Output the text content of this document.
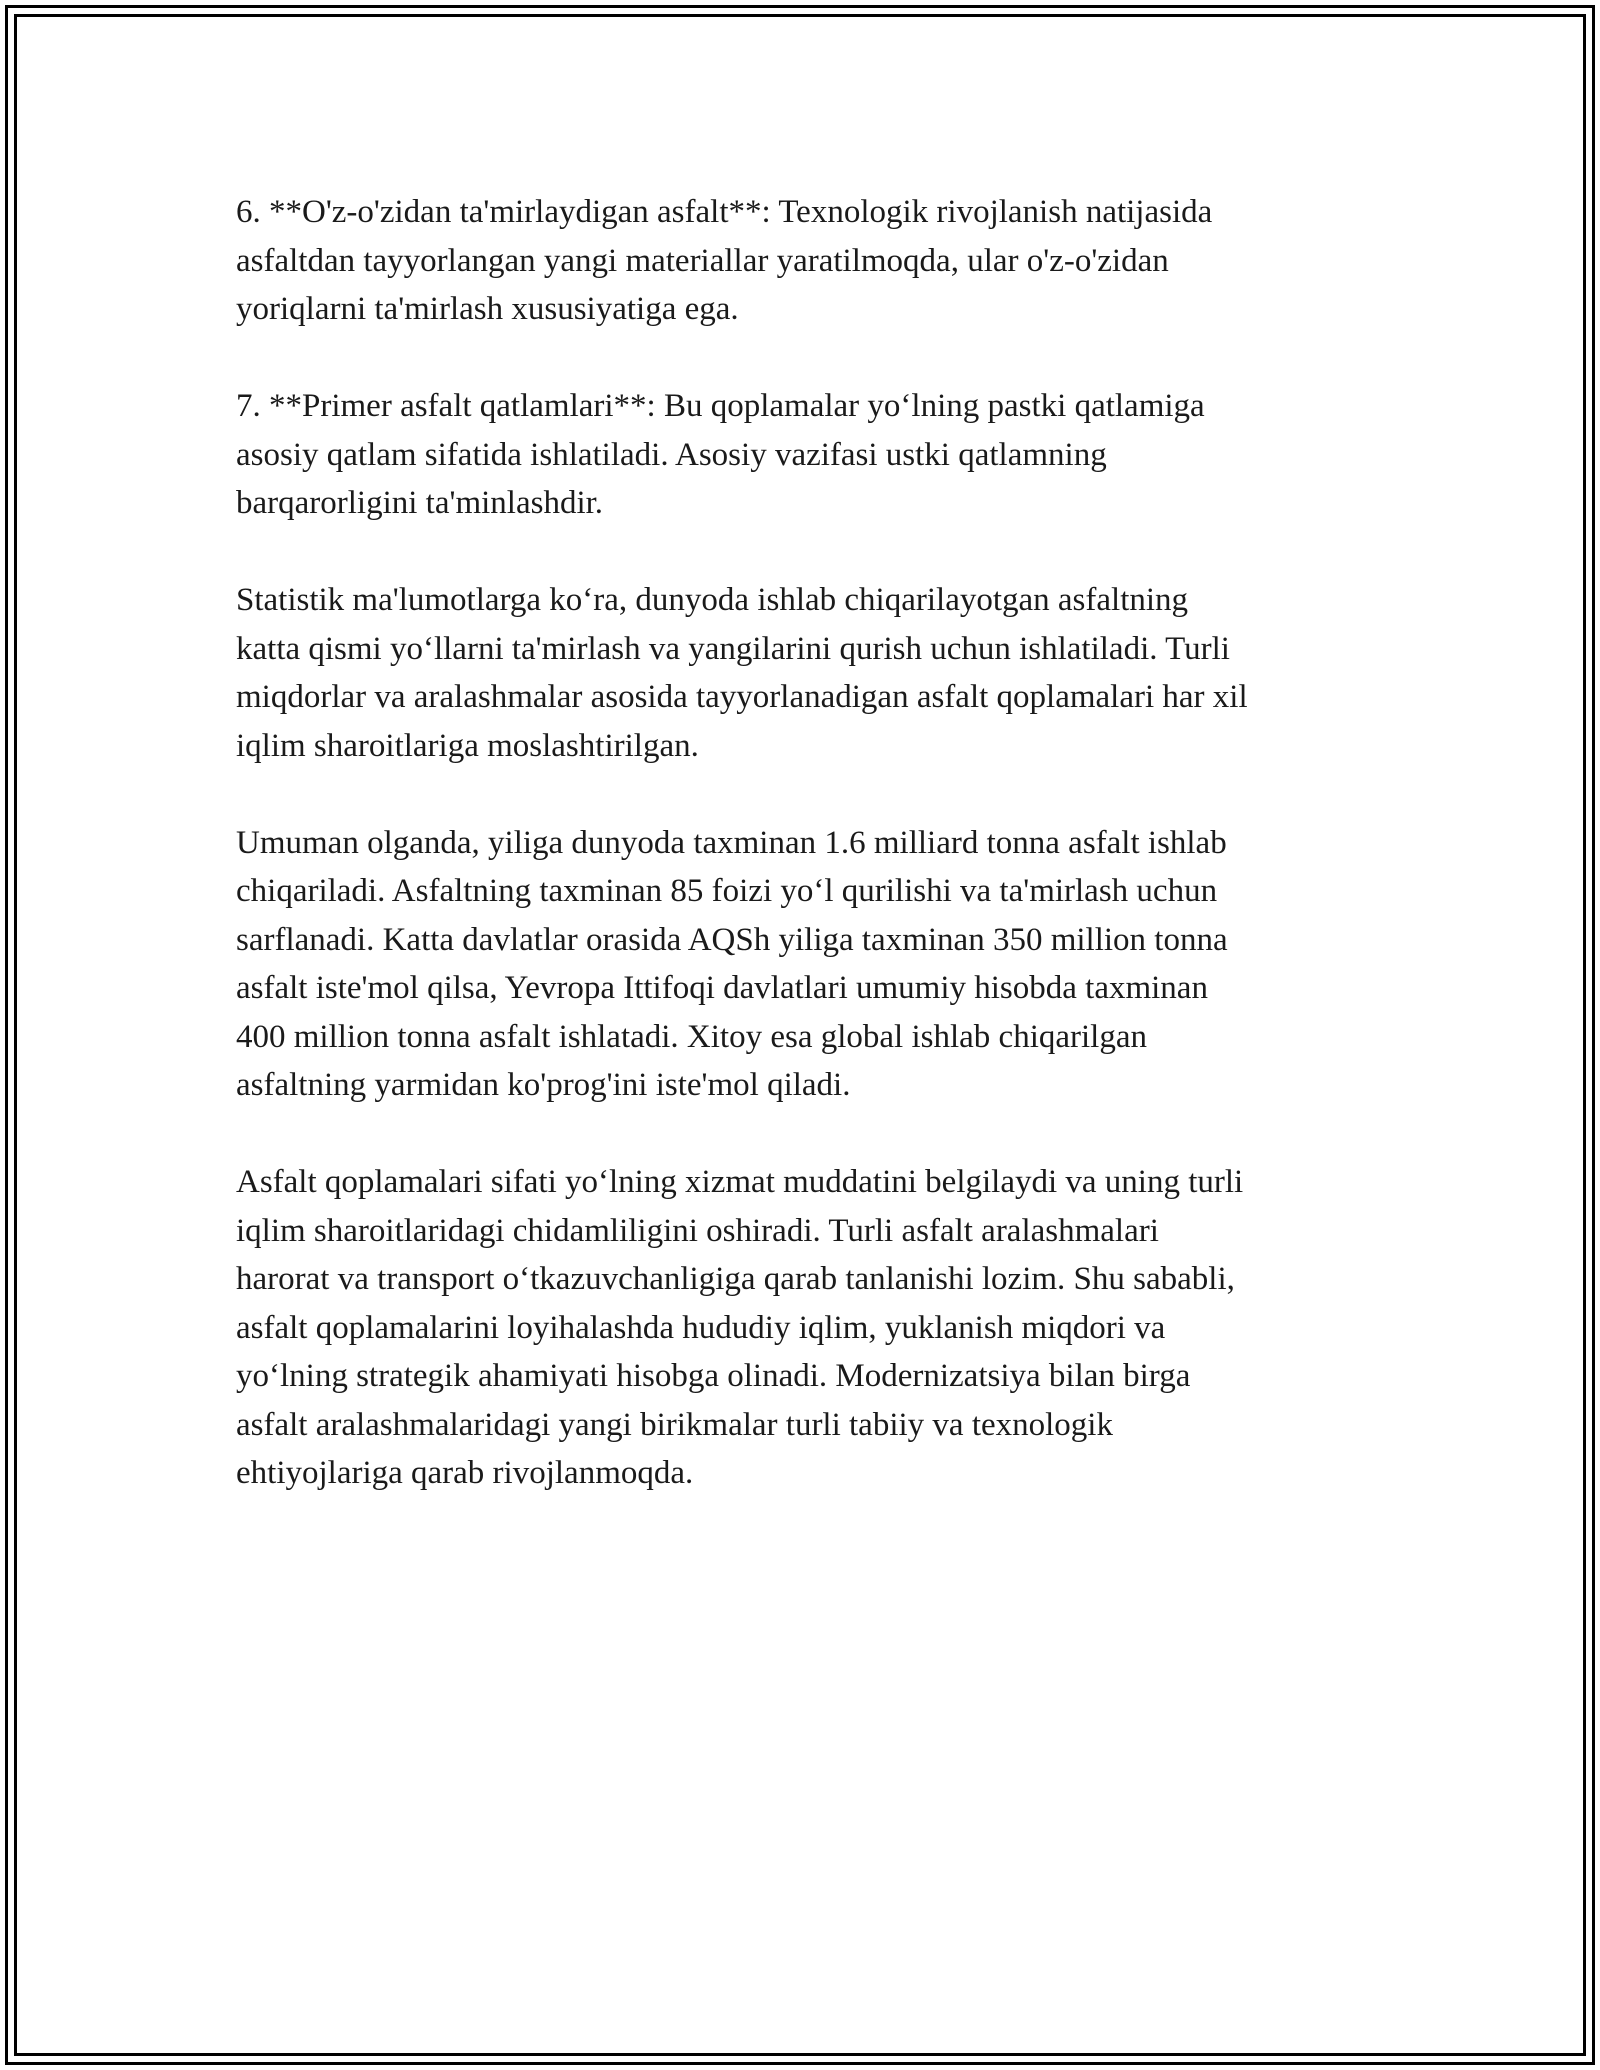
6. **O'z-o'zidan ta'mirlaydigan asfalt**: Texnologik rivojlanish natijasida
asfaltdan tayyorlangan yangi materiallar yaratilmoqda, ular o'z-o'zidan
yoriqlarni ta'mirlash xususiyatiga ega.

7. **Primer asfalt qatlamlari**: Bu qoplamalar yo‘lning pastki qatlamiga
asosiy qatlam sifatida ishlatiladi. Asosiy vazifasi ustki qatlamning
barqarorligini ta'minlashdir.

Statistik ma'lumotlarga ko‘ra, dunyoda ishlab chiqarilayotgan asfaltning
katta qismi yo‘llarni ta'mirlash va yangilarini qurish uchun ishlatiladi. Turli
miqdorlar va aralashmalar asosida tayyorlanadigan asfalt qoplamalari har xil
iqlim sharoitlariga moslashtirilgan.

Umuman olganda, yiliga dunyoda taxminan 1.6 milliard tonna asfalt ishlab
chiqariladi. Asfaltning taxminan 85 foizi yo‘l qurilishi va ta'mirlash uchun
sarflanadi. Katta davlatlar orasida AQSh yiliga taxminan 350 million tonna
asfalt iste'mol qilsa, Yevropa Ittifoqi davlatlari umumiy hisobda taxminan
400 million tonna asfalt ishlatadi. Xitoy esa global ishlab chiqarilgan
asfaltning yarmidan ko'prog'ini iste'mol qiladi.

Asfalt qoplamalari sifati yo‘lning xizmat muddatini belgilaydi va uning turli
iqlim sharoitlaridagi chidamliligini oshiradi. Turli asfalt aralashmalari
harorat va transport o‘tkazuvchanligiga qarab tanlanishi lozim. Shu sababli,
asfalt qoplamalarini loyihalashda hududiy iqlim, yuklanish miqdori va
yo‘lning strategik ahamiyati hisobga olinadi. Modernizatsiya bilan birga
asfalt aralashmalaridagi yangi birikmalar turli tabiiy va texnologik
ehtiyojlariga qarab rivojlanmoqda.
